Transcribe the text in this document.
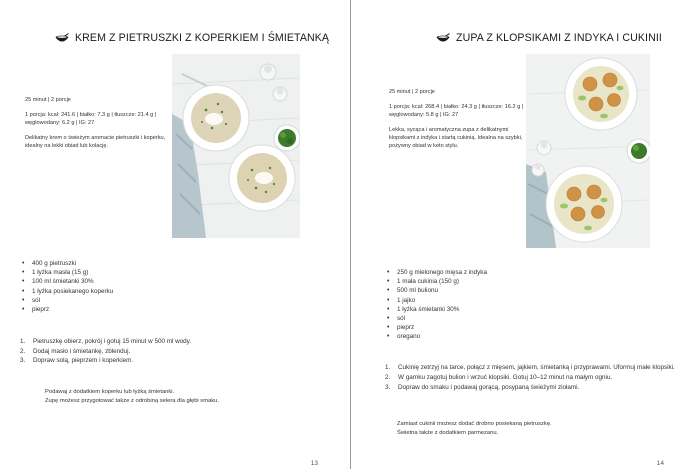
KREM Z PIETRUSZKI Z KOPERKIEM I ŚMIETANKĄ

25 minut | 2 porcje

1 porcja: kcal: 241.6 | białko: 7.3 g | tłuszcze: 21.4 g | węglowodany: 6.2 g | IG: 27

Delikatny krem o świeżym aromacie pietruszki i koperku, idealny na lekki obiad lub kolację.

• 400 g pietruszki
• 1 łyżka masła (15 g)
• 100 ml śmietanki 30%
• 1 łyżka posiekanego koperku
• sól
• pieprz
1. Pietruszkę obierz, pokrój i gotuj 15 minut w 500 ml wody.
2. Dodaj masło i śmietankę, zblenduj.
3. Dopraw solą, pieprzem i koperkiem.
Podawaj z dodatkiem koperku lub łyżką śmietanki.
Zupę możesz przygotować także z odrobiną selera dla głębi smaku.
13
ZUPA Z KLOPSIKAMI Z INDYKA I CUKINII

25 minut | 2 porcje

1 porcja: kcal: 268.4 | białko: 24.3 g | tłuszcze: 16.2 g | węglowodany: 5.8 g | IG: 27

Lekka, sycąca i aromatyczna zupa z delikatnymi klopsikami z indyka i startą cukinią. Idealna na szybki, pożywny obiad w keto stylu.

• 250 g mielonego mięsa z indyka
• 1 mała cukinia (150 g)
• 500 ml bulionu
• 1 jajko
• 1 łyżka śmietanki 30%
• sól
• pieprz
• oregano
1. Cukinię zetrzyj na tarce, połącz z mięsem, jajkiem, śmietanką i przyprawami. Uformuj małe klopsiki.
2. W garnku zagotuj bulion i wrzuć klopsiki. Gotuj 10–12 minut na małym ogniu.
3. Dopraw do smaku i podawaj gorącą, posypaną świeżymi ziołami.
Zamiast cukinii możesz dodać drobno posiekaną pietruszkę.
Świetna także z dodatkiem parmezanu.
14
